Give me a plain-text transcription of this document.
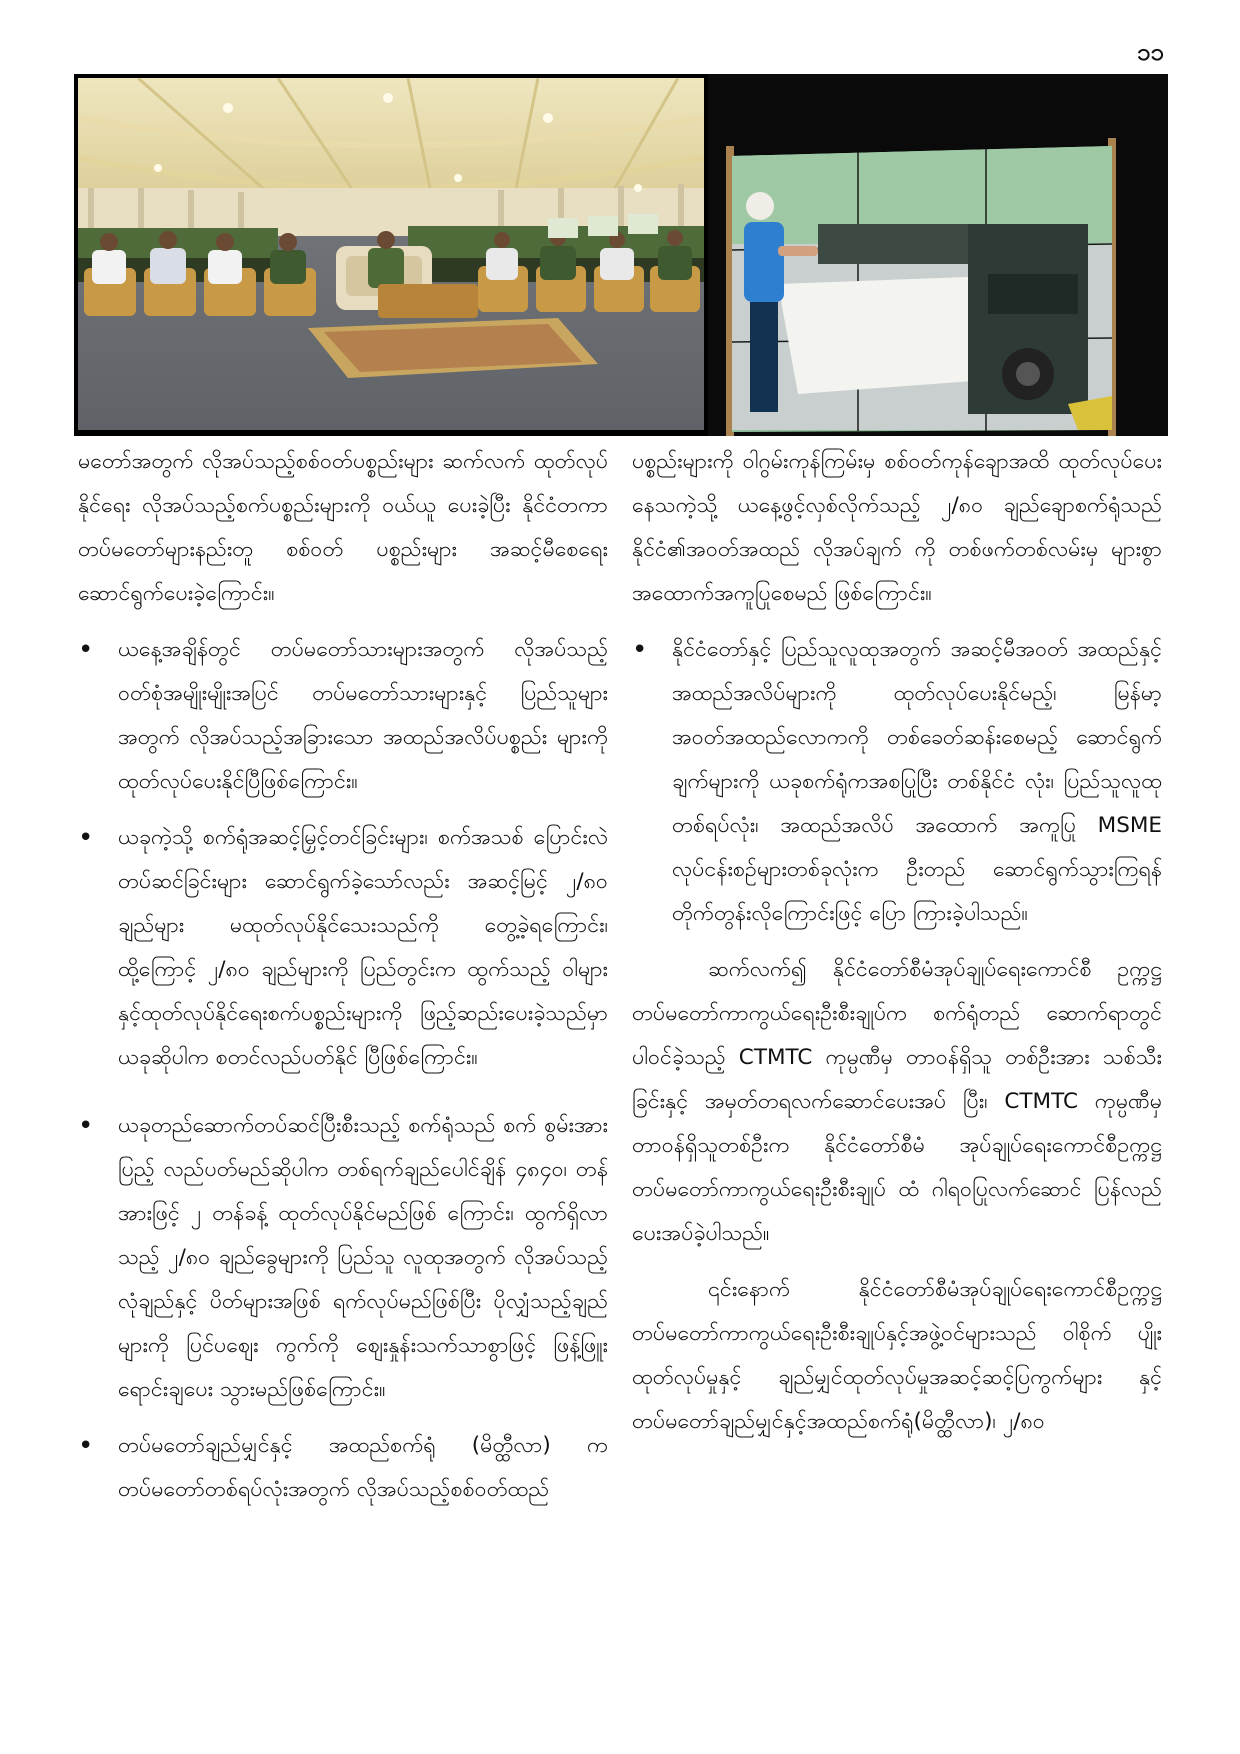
၁၁

မတော်အတွက် လိုအပ်သည့်စစ်ဝတ်ပစ္စည်းများ ဆက်လက် ထုတ်လုပ်နိုင်ရေး လိုအပ်သည့်စက်ပစ္စည်းများကို ဝယ်ယူ ပေးခဲ့ပြီး နိုင်ငံတကာတပ်မတော်များနည်းတူ စစ်ဝတ် ပစ္စည်းများ အဆင့်မီစေရေး ဆောင်ရွက်ပေးခဲ့ကြောင်း။

• ယနေ့အချိန်တွင် တပ်မတော်သားများအတွက် လိုအပ်သည့် ဝတ်စုံအမျိုးမျိုးအပြင် တပ်မတော်သားများနှင့် ပြည်သူများ အတွက် လိုအပ်သည့်အခြားသော အထည်အလိပ်ပစ္စည်း များကို ထုတ်လုပ်ပေးနိုင်ပြီဖြစ်ကြောင်း။
• ယခုကဲ့သို့ စက်ရုံအဆင့်မြှင့်တင်ခြင်းများ၊ စက်အသစ် ပြောင်းလဲတပ်ဆင်ခြင်းများ ဆောင်ရွက်ခဲ့သော်လည်း အဆင့်မြင့် ၂/၈၀ ချည်များ မထုတ်လုပ်နိုင်သေးသည်ကို တွေ့ခဲ့ရကြောင်း၊ ထို့ကြောင့် ၂/၈၀ ချည်များကို ပြည်တွင်းက ထွက်သည့် ဝါများနှင့်ထုတ်လုပ်နိုင်ရေးစက်ပစ္စည်းများကို ဖြည့်ဆည်းပေးခဲ့သည်မှာ ယခုဆိုပါက စတင်လည်ပတ်နိုင် ပြီဖြစ်ကြောင်း။
• ယခုတည်ဆောက်တပ်ဆင်ပြီးစီးသည့် စက်ရုံသည် စက် စွမ်းအားပြည့် လည်ပတ်မည်ဆိုပါက တစ်ရက်ချည်ပေါင်ချိန် ၄၈၄၀၊ တန်အားဖြင့် ၂ တန်ခန့် ထုတ်လုပ်နိုင်မည်ဖြစ် ကြောင်း၊ ထွက်ရှိလာသည့် ၂/၈၀ ချည်ခွေများကို ပြည်သူ လူထုအတွက် လိုအပ်သည့်လုံချည်နှင့် ပိတ်များအဖြစ် ရက်လုပ်မည်ဖြစ်ပြီး ပိုလျှံသည့်ချည်များကို ပြင်ပဈေး ကွက်ကို ဈေးနှုန်းသက်သာစွာဖြင့် ဖြန့်ဖြူးရောင်းချပေး သွားမည်ဖြစ်ကြောင်း။
• တပ်မတော်ချည်မျှင်နှင့် အထည်စက်ရုံ (မိတ္ထီလာ) က တပ်မတော်တစ်ရပ်လုံးအတွက် လိုအပ်သည့်စစ်ဝတ်ထည်

ပစ္စည်းများကို ဝါဂွမ်းကုန်ကြမ်းမှ စစ်ဝတ်ကုန်ချောအထိ ထုတ်လုပ်ပေးနေသကဲ့သို့ ယနေ့ဖွင့်လှစ်လိုက်သည့် ၂/၈၀ ချည်ချောစက်ရုံသည် နိုင်ငံ၏အဝတ်အထည် လိုအပ်ချက် ကို တစ်ဖက်တစ်လမ်းမှ များစွာအထောက်အကူပြုစေမည် ဖြစ်ကြောင်း။

• နိုင်ငံတော်နှင့် ပြည်သူလူထုအတွက် အဆင့်မီအဝတ် အထည်နှင့် အထည်အလိပ်များကို ထုတ်လုပ်ပေးနိုင်မည့်၊ မြန်မာ့အဝတ်အထည်လောကကို တစ်ခေတ်ဆန်းစေမည့် ဆောင်ရွက်ချက်များကို ယခုစက်ရုံကအစပြုပြီး တစ်နိုင်ငံ လုံး၊ ပြည်သူလူထုတစ်ရပ်လုံး၊ အထည်အလိပ် အထောက် အကူပြု MSME လုပ်ငန်းစဉ်များတစ်ခုလုံးက ဦးတည် ဆောင်ရွက်သွားကြရန် တိုက်တွန်းလိုကြောင်းဖြင့် ပြော ကြားခဲ့ပါသည်။

ဆက်လက်၍ နိုင်ငံတော်စီမံအုပ်ချုပ်ရေးကောင်စီ ဥက္ကဋ္ဌ တပ်မတော်ကာကွယ်ရေးဦးစီးချုပ်က စက်ရုံတည် ဆောက်ရာတွင်ပါဝင်ခဲ့သည့် CTMTC ကုမ္ပဏီမှ တာဝန်ရှိသူ တစ်ဦးအား သစ်သီးခြင်းနှင့် အမှတ်တရလက်ဆောင်ပေးအပ် ပြီး၊ CTMTC ကုမ္ပဏီမှ တာဝန်ရှိသူတစ်ဦးက နိုင်ငံတော်စီမံ အုပ်ချုပ်ရေးကောင်စီဥက္ကဋ္ဌ တပ်မတော်ကာကွယ်ရေးဦးစီးချုပ် ထံ ဂါရဝပြုလက်ဆောင် ပြန်လည်ပေးအပ်ခဲ့ပါသည်။

၎င်းနောက် နိုင်ငံတော်စီမံအုပ်ချုပ်ရေးကောင်စီဥက္ကဋ္ဌ တပ်မတော်ကာကွယ်ရေးဦးစီးချုပ်နှင့်အဖွဲ့ဝင်များသည် ဝါစိုက် ပျိုးထုတ်လုပ်မှုနှင့် ချည်မျှင်ထုတ်လုပ်မှုအဆင့်ဆင့်ပြကွက်များ နှင့် တပ်မတော်ချည်မျှင်နှင့်အထည်စက်ရုံ(မိတ္ထီလာ)၊ ၂/၈၀
